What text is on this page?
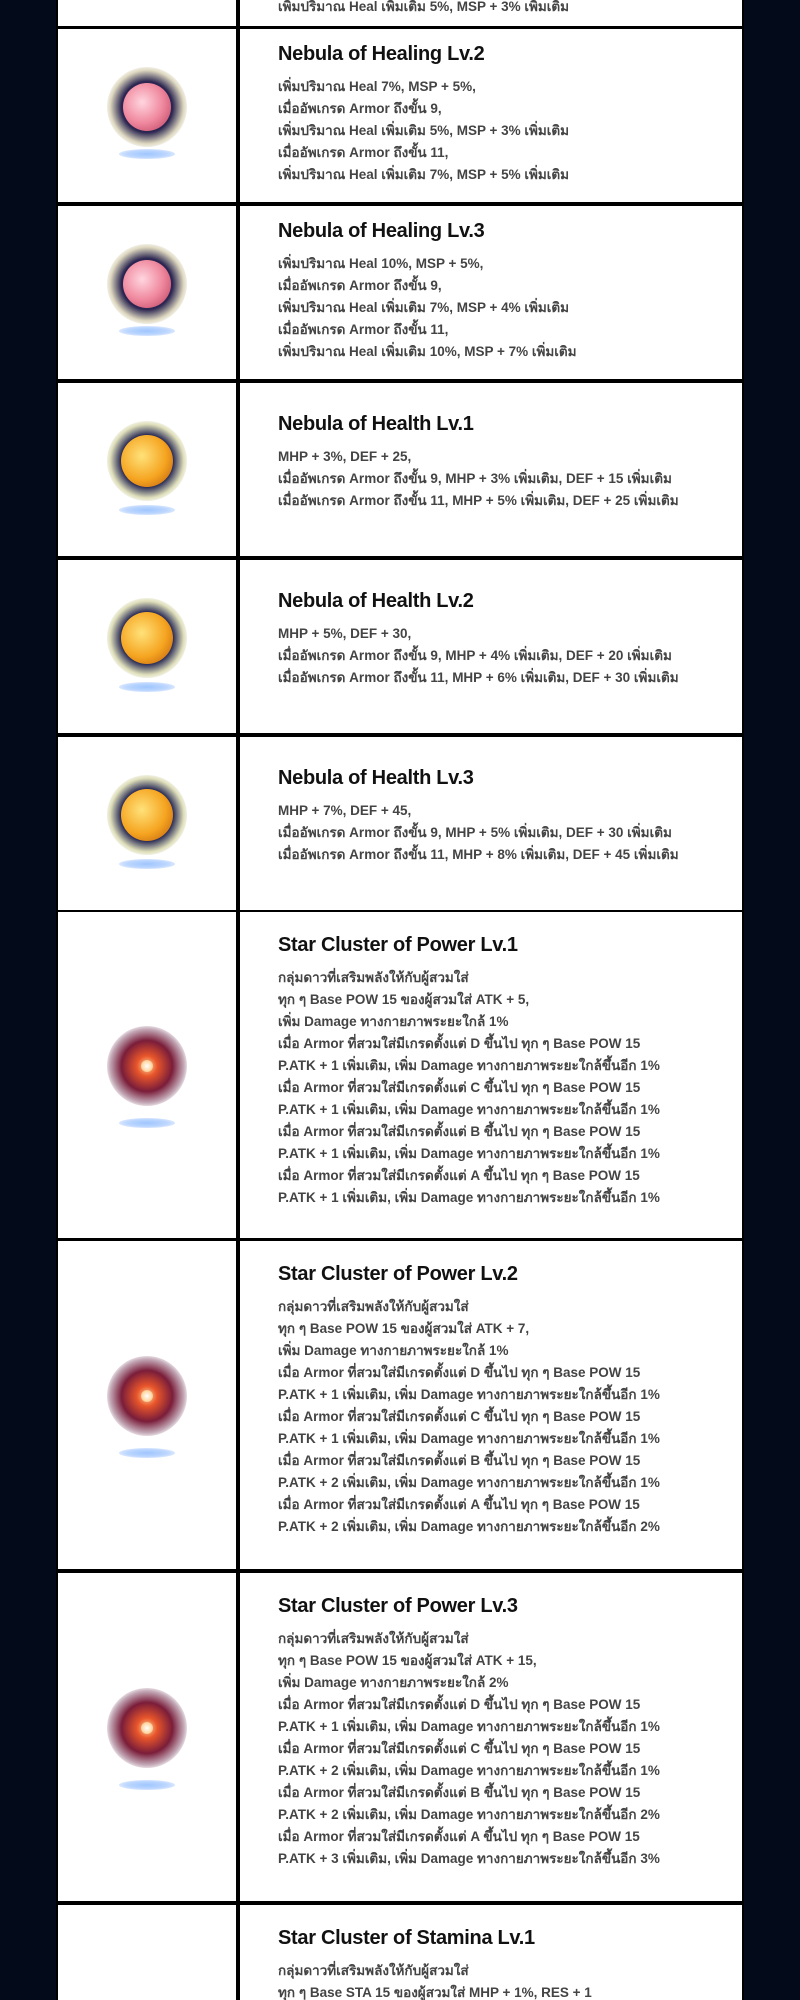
เพิ่มปริมาณ Heal เพิ่มเติม 5%, MSP + 3% เพิ่มเติม
Nebula of Healing Lv.2
เพิ่มปริมาณ Heal 7%, MSP + 5%,
เมื่ออัพเกรด Armor ถึงขั้น 9,
เพิ่มปริมาณ Heal เพิ่มเติม 5%, MSP + 3% เพิ่มเติม
เมื่ออัพเกรด Armor ถึงขั้น 11,
เพิ่มปริมาณ Heal เพิ่มเติม 7%, MSP + 5% เพิ่มเติม
Nebula of Healing Lv.3
เพิ่มปริมาณ Heal 10%, MSP + 5%,
เมื่ออัพเกรด Armor ถึงขั้น 9,
เพิ่มปริมาณ Heal เพิ่มเติม 7%, MSP + 4% เพิ่มเติม
เมื่ออัพเกรด Armor ถึงขั้น 11,
เพิ่มปริมาณ Heal เพิ่มเติม 10%, MSP + 7% เพิ่มเติม
Nebula of Health Lv.1
MHP + 3%, DEF + 25,
เมื่ออัพเกรด Armor ถึงขั้น 9, MHP + 3% เพิ่มเติม, DEF + 15 เพิ่มเติม
เมื่ออัพเกรด Armor ถึงขั้น 11, MHP + 5% เพิ่มเติม, DEF + 25 เพิ่มเติม
Nebula of Health Lv.2
MHP + 5%, DEF + 30,
เมื่ออัพเกรด Armor ถึงขั้น 9, MHP + 4% เพิ่มเติม, DEF + 20 เพิ่มเติม
เมื่ออัพเกรด Armor ถึงขั้น 11, MHP + 6% เพิ่มเติม, DEF + 30 เพิ่มเติม
Nebula of Health Lv.3
MHP + 7%, DEF + 45,
เมื่ออัพเกรด Armor ถึงขั้น 9, MHP + 5% เพิ่มเติม, DEF + 30 เพิ่มเติม
เมื่ออัพเกรด Armor ถึงขั้น 11, MHP + 8% เพิ่มเติม, DEF + 45 เพิ่มเติม
Star Cluster of Power Lv.1
กลุ่มดาวที่เสริมพลังให้กับผู้สวมใส่
ทุก ๆ Base POW 15 ของผู้สวมใส่ ATK + 5,
เพิ่ม Damage ทางกายภาพระยะใกล้ 1%
เมื่อ Armor ที่สวมใส่มีเกรดตั้งแต่ D ขึ้นไป ทุก ๆ Base POW 15
P.ATK + 1 เพิ่มเติม, เพิ่ม Damage ทางกายภาพระยะใกล้ขึ้นอีก 1%
เมื่อ Armor ที่สวมใส่มีเกรดตั้งแต่ C ขึ้นไป ทุก ๆ Base POW 15
P.ATK + 1 เพิ่มเติม, เพิ่ม Damage ทางกายภาพระยะใกล้ขึ้นอีก 1%
เมื่อ Armor ที่สวมใส่มีเกรดตั้งแต่ B ขึ้นไป ทุก ๆ Base POW 15
P.ATK + 1 เพิ่มเติม, เพิ่ม Damage ทางกายภาพระยะใกล้ขึ้นอีก 1%
เมื่อ Armor ที่สวมใส่มีเกรดตั้งแต่ A ขึ้นไป ทุก ๆ Base POW 15
P.ATK + 1 เพิ่มเติม, เพิ่ม Damage ทางกายภาพระยะใกล้ขึ้นอีก 1%
Star Cluster of Power Lv.2
กลุ่มดาวที่เสริมพลังให้กับผู้สวมใส่
ทุก ๆ Base POW 15 ของผู้สวมใส่ ATK + 7,
เพิ่ม Damage ทางกายภาพระยะใกล้ 1%
เมื่อ Armor ที่สวมใส่มีเกรดตั้งแต่ D ขึ้นไป ทุก ๆ Base POW 15
P.ATK + 1 เพิ่มเติม, เพิ่ม Damage ทางกายภาพระยะใกล้ขึ้นอีก 1%
เมื่อ Armor ที่สวมใส่มีเกรดตั้งแต่ C ขึ้นไป ทุก ๆ Base POW 15
P.ATK + 1 เพิ่มเติม, เพิ่ม Damage ทางกายภาพระยะใกล้ขึ้นอีก 1%
เมื่อ Armor ที่สวมใส่มีเกรดตั้งแต่ B ขึ้นไป ทุก ๆ Base POW 15
P.ATK + 2 เพิ่มเติม, เพิ่ม Damage ทางกายภาพระยะใกล้ขึ้นอีก 1%
เมื่อ Armor ที่สวมใส่มีเกรดตั้งแต่ A ขึ้นไป ทุก ๆ Base POW 15
P.ATK + 2 เพิ่มเติม, เพิ่ม Damage ทางกายภาพระยะใกล้ขึ้นอีก 2%
Star Cluster of Power Lv.3
กลุ่มดาวที่เสริมพลังให้กับผู้สวมใส่
ทุก ๆ Base POW 15 ของผู้สวมใส่ ATK + 15,
เพิ่ม Damage ทางกายภาพระยะใกล้ 2%
เมื่อ Armor ที่สวมใส่มีเกรดตั้งแต่ D ขึ้นไป ทุก ๆ Base POW 15
P.ATK + 1 เพิ่มเติม, เพิ่ม Damage ทางกายภาพระยะใกล้ขึ้นอีก 1%
เมื่อ Armor ที่สวมใส่มีเกรดตั้งแต่ C ขึ้นไป ทุก ๆ Base POW 15
P.ATK + 2 เพิ่มเติม, เพิ่ม Damage ทางกายภาพระยะใกล้ขึ้นอีก 1%
เมื่อ Armor ที่สวมใส่มีเกรดตั้งแต่ B ขึ้นไป ทุก ๆ Base POW 15
P.ATK + 2 เพิ่มเติม, เพิ่ม Damage ทางกายภาพระยะใกล้ขึ้นอีก 2%
เมื่อ Armor ที่สวมใส่มีเกรดตั้งแต่ A ขึ้นไป ทุก ๆ Base POW 15
P.ATK + 3 เพิ่มเติม, เพิ่ม Damage ทางกายภาพระยะใกล้ขึ้นอีก 3%
Star Cluster of Stamina Lv.1
กลุ่มดาวที่เสริมพลังให้กับผู้สวมใส่
ทุก ๆ Base STA 15 ของผู้สวมใส่ MHP + 1%, RES + 1
